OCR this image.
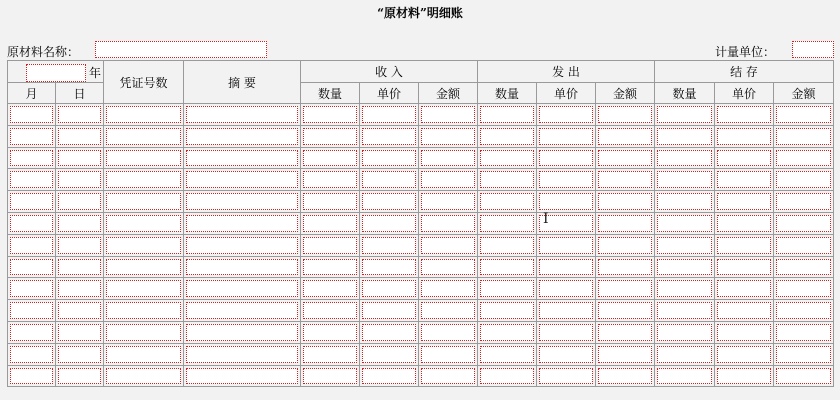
“原材料”明细账
原材料名称：	计量单位：
年		凭证号数	摘 要	收 入			发 出			结 存		
月	日			数量	单价	金额	数量	单价	金额	数量	单价	金额

I
